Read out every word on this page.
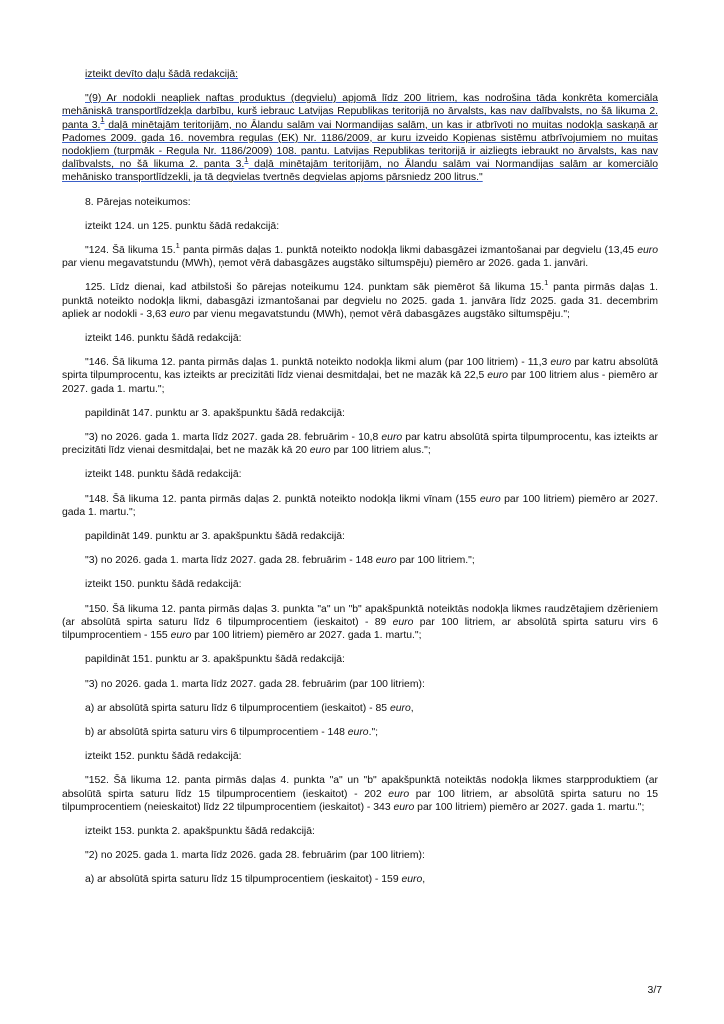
izteikt devīto daļu šādā redakcijā:

"(9) Ar nodokli neapliek naftas produktus (degvielu) apjomā līdz 200 litriem, kas nodrošina tāda konkrēta komerciāla mehāniskā transportlīdzekļa darbību, kurš iebrauc Latvijas Republikas teritorijā no ārvalsts, kas nav dalībvalsts, no šā likuma 2. panta 3.$^1$ daļā minētajām teritorijām, no Ālandu salām vai Normandijas salām, un kas ir atbrīvoti no muitas nodokļa saskaņā ar Padomes 2009. gada 16. novembra regulas (EK) Nr. 1186/2009, ar kuru izveido Kopienas sistēmu atbrīvojumiem no muitas nodokļiem (turpmāk - Regula Nr. 1186/2009) 108. pantu. Latvijas Republikas teritorijā ir aizliegts iebraukt no ārvalsts, kas nav dalībvalsts, no šā likuma 2. panta 3.$^1$ daļā minētajām teritorijām, no Ālandu salām vai Normandijas salām ar komerciālo mehānisko transportlīdzekli, ja tā degvielas tvertnēs degvielas apjoms pārsniedz 200 litrus."

8. Pārejas noteikumos:

izteikt 124. un 125. punktu šādā redakcijā:

"124. Šā likuma 15.$^1$ panta pirmās daļas 1. punktā noteikto nodokļa likmi dabasgāzei izmantošanai par degvielu (13,45 euro par vienu megavatstundu (MWh), ņemot vērā dabasgāzes augstāko siltumspēju) piemēro ar 2026. gada 1. janvāri.

125. Līdz dienai, kad atbilstoši šo pārejas noteikumu 124. punktam sāk piemērot šā likuma 15.$^1$ panta pirmās daļas 1. punktā noteikto nodokļa likmi, dabasgāzi izmantošanai par degvielu no 2025. gada 1. janvāra līdz 2025. gada 31. decembrim apliek ar nodokli - 3,63 euro par vienu megavatstundu (MWh), ņemot vērā dabasgāzes augstāko siltumspēju.";

izteikt 146. punktu šādā redakcijā:

"146. Šā likuma 12. panta pirmās daļas 1. punktā noteikto nodokļa likmi alum (par 100 litriem) - 11,3 euro par katru absolūtā spirta tilpumprocentu, kas izteikts ar precizitāti līdz vienai desmitdaļai, bet ne mazāk kā 22,5 euro par 100 litriem alus - piemēro ar 2027. gada 1. martu.";

papildināt 147. punktu ar 3. apakšpunktu šādā redakcijā:

"3) no 2026. gada 1. marta līdz 2027. gada 28. februārim - 10,8 euro par katru absolūtā spirta tilpumprocentu, kas izteikts ar precizitāti līdz vienai desmitdaļai, bet ne mazāk kā 20 euro par 100 litriem alus.";

izteikt 148. punktu šādā redakcijā:

"148. Šā likuma 12. panta pirmās daļas 2. punktā noteikto nodokļa likmi vīnam (155 euro par 100 litriem) piemēro ar 2027. gada 1. martu.";

papildināt 149. punktu ar 3. apakšpunktu šādā redakcijā:

"3) no 2026. gada 1. marta līdz 2027. gada 28. februārim - 148 euro par 100 litriem.";

izteikt 150. punktu šādā redakcijā:

"150. Šā likuma 12. panta pirmās daļas 3. punkta "a" un "b" apakšpunktā noteiktās nodokļa likmes raudzētajiem dzērieniem (ar absolūtā spirta saturu līdz 6 tilpumprocentiem (ieskaitot) - 89 euro par 100 litriem, ar absolūtā spirta saturu virs 6 tilpumprocentiem - 155 euro par 100 litriem) piemēro ar 2027. gada 1. martu.";

papildināt 151. punktu ar 3. apakšpunktu šādā redakcijā:

"3) no 2026. gada 1. marta līdz 2027. gada 28. februārim (par 100 litriem):

a) ar absolūtā spirta saturu līdz 6 tilpumprocentiem (ieskaitot) - 85 euro,

b) ar absolūtā spirta saturu virs 6 tilpumprocentiem - 148 euro.";

izteikt 152. punktu šādā redakcijā:

"152. Šā likuma 12. panta pirmās daļas 4. punkta "a" un "b" apakšpunktā noteiktās nodokļa likmes starpproduktiem (ar absolūtā spirta saturu līdz 15 tilpumprocentiem (ieskaitot) - 202 euro par 100 litriem, ar absolūtā spirta saturu no 15 tilpumprocentiem (neieskaitot) līdz 22 tilpumprocentiem (ieskaitot) - 343 euro par 100 litriem) piemēro ar 2027. gada 1. martu.";

izteikt 153. punkta 2. apakšpunktu šādā redakcijā:

"2) no 2025. gada 1. marta līdz 2026. gada 28. februārim (par 100 litriem):

a) ar absolūtā spirta saturu līdz 15 tilpumprocentiem (ieskaitot) - 159 euro,

3/7
